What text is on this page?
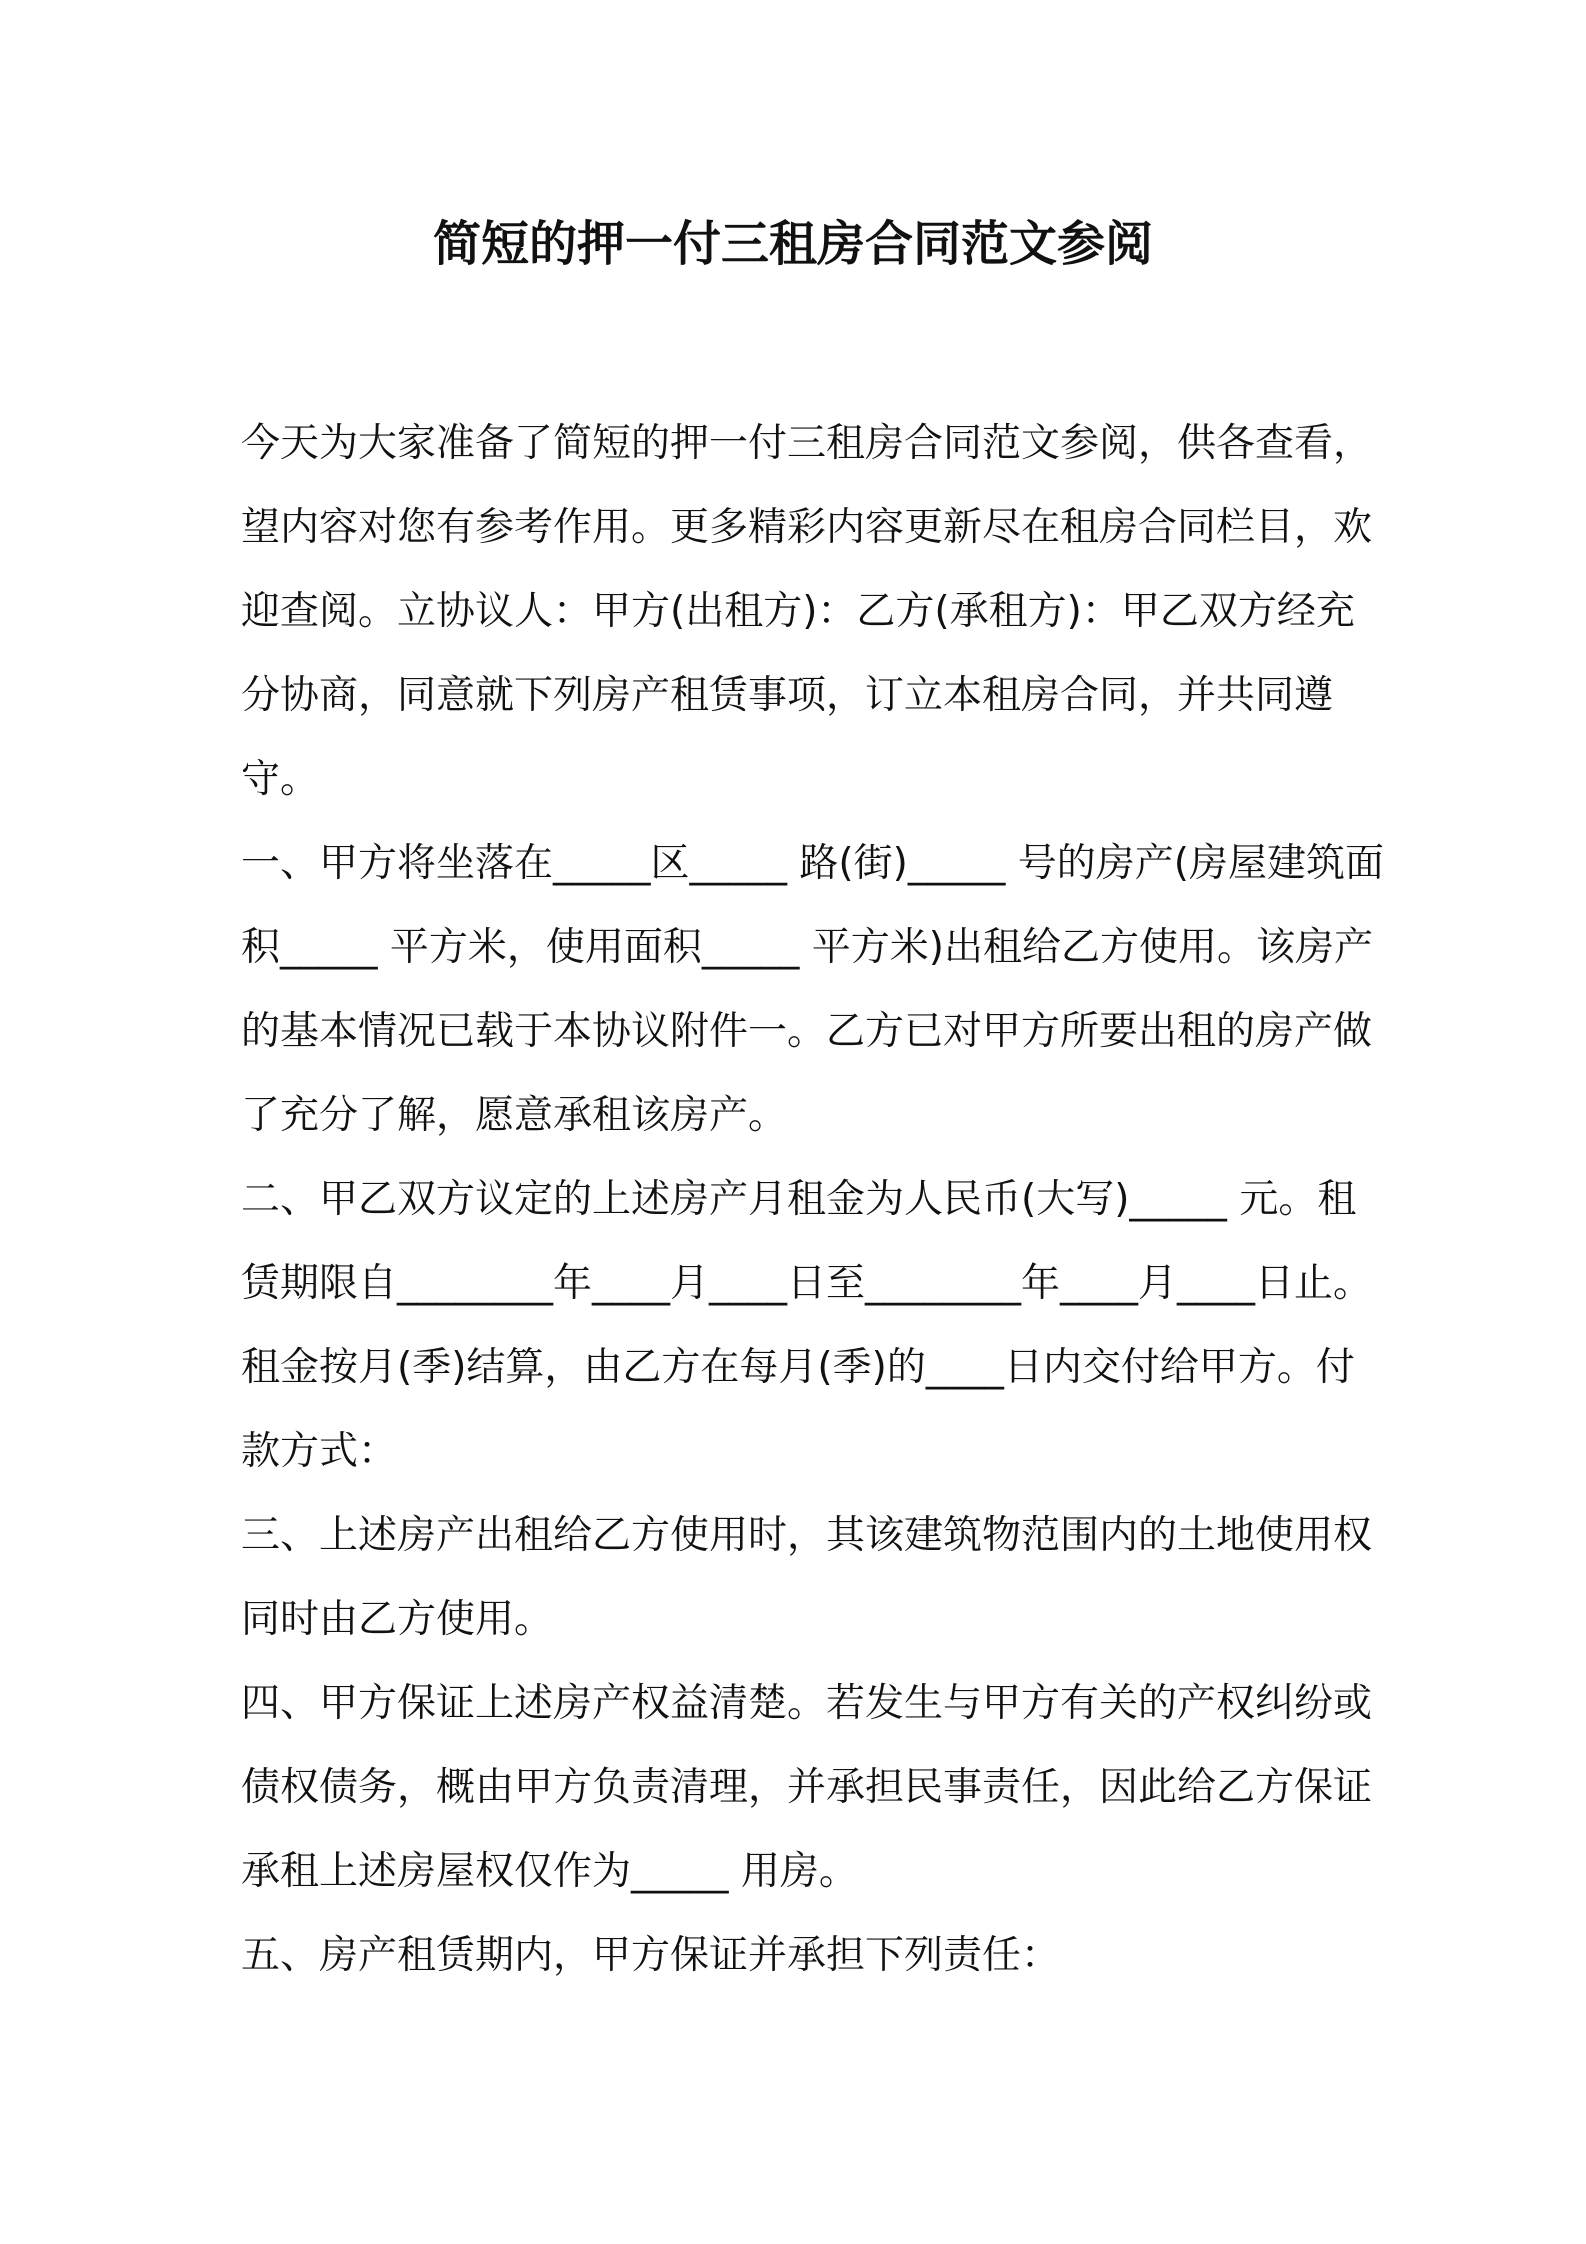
简短的押一付三租房合同范文参阅

今天为大家准备了简短的押一付三租房合同范文参阅，供各查看，望内容对您有参考作用。更多精彩内容更新尽在租房合同栏目，欢迎查阅。立协议人：甲方(出租方)：乙方(承租方)：甲乙双方经充分协商，同意就下列房产租赁事项，订立本租房合同，并共同遵守。

一、甲方将坐落在_____区_____ 路(街)_____ 号的房产(房屋建筑面积_____ 平方米，使用面积_____ 平方米)出租给乙方使用。该房产的基本情况已载于本协议附件一。乙方已对甲方所要出租的房产做了充分了解，愿意承租该房产。

二、甲乙双方议定的上述房产月租金为人民币(大写)_____ 元。租赁期限自________年____月____日至________年____月____日止。租金按月(季)结算，由乙方在每月(季)的____日内交付给甲方。付款方式：

三、上述房产出租给乙方使用时，其该建筑物范围内的土地使用权同时由乙方使用。

四、甲方保证上述房产权益清楚。若发生与甲方有关的产权纠纷或债权债务，概由甲方负责清理，并承担民事责任，因此给乙方保证承租上述房屋权仅作为_____ 用房。

五、房产租赁期内，甲方保证并承担下列责任：
